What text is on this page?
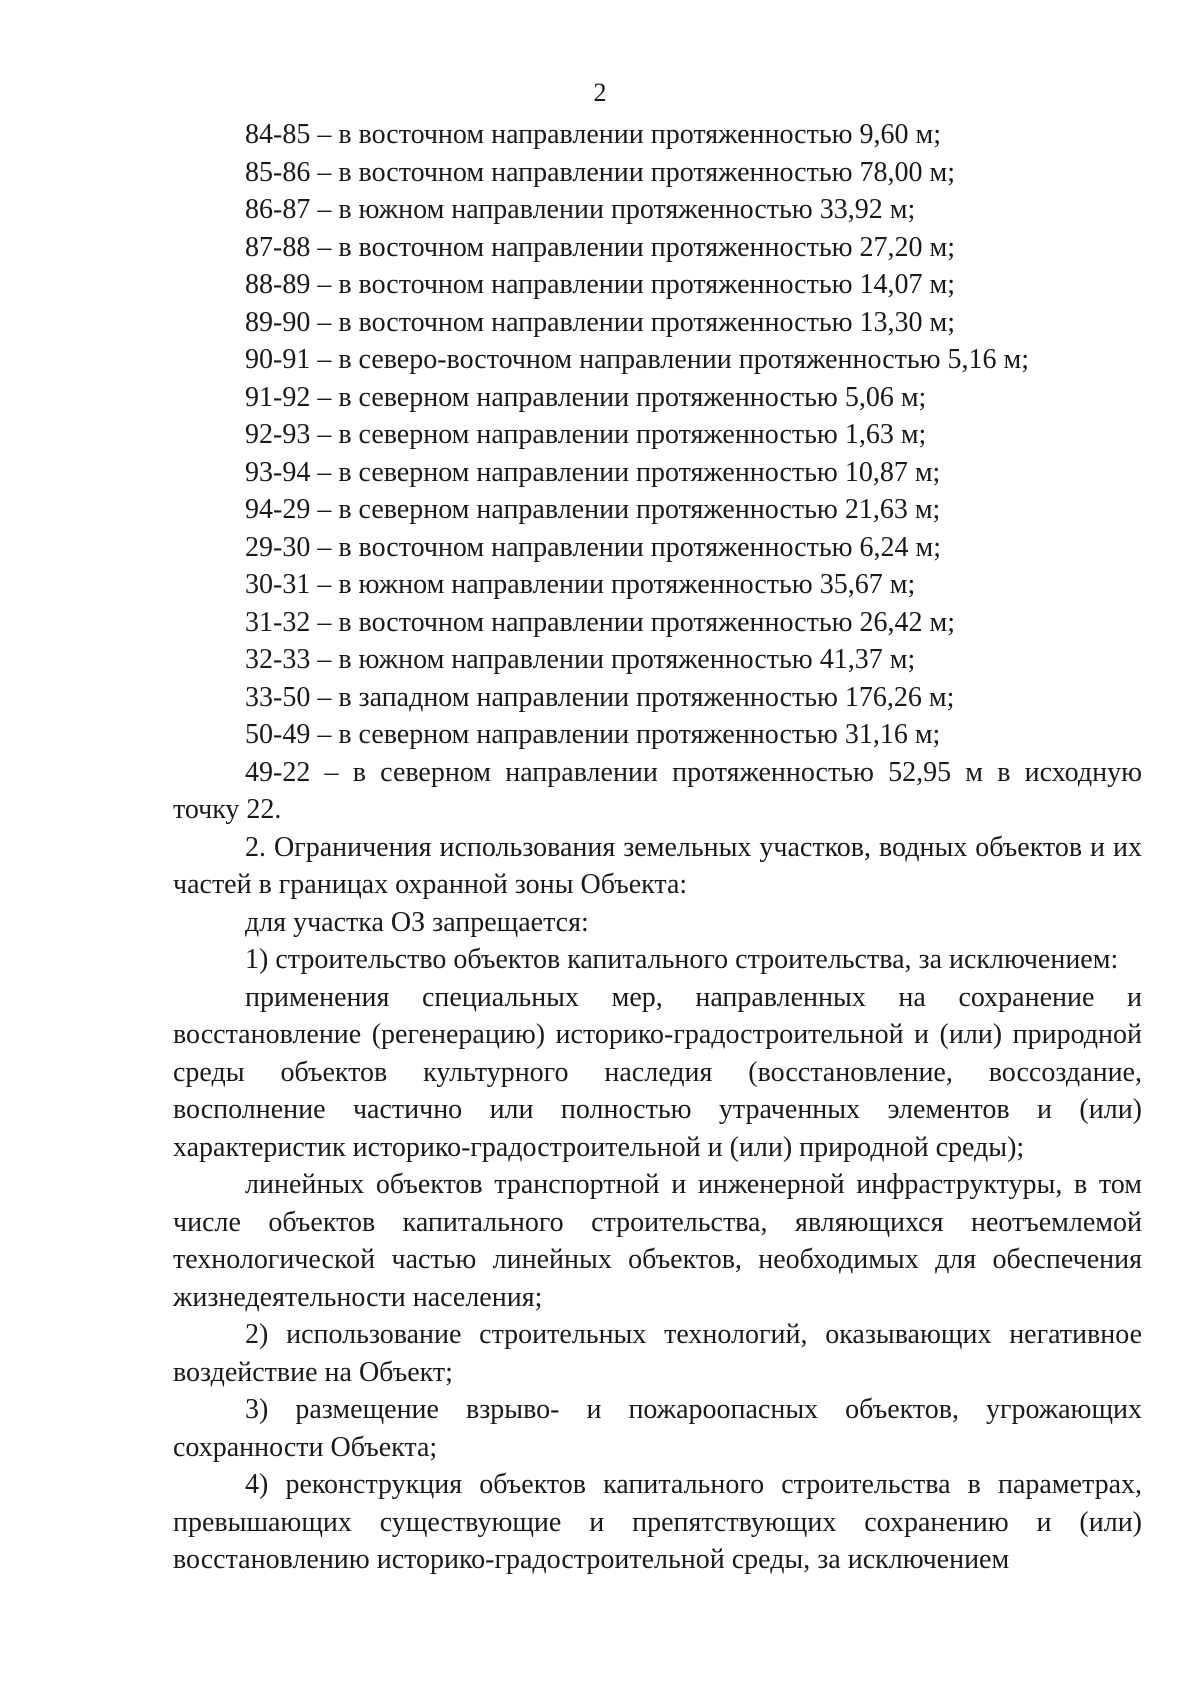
2
84-85 – в восточном направлении протяженностью 9,60 м;
85-86 – в восточном направлении протяженностью 78,00 м;
86-87 – в южном направлении протяженностью 33,92 м;
87-88 – в восточном направлении протяженностью 27,20 м;
88-89 – в восточном направлении протяженностью 14,07 м;
89-90 – в восточном направлении протяженностью 13,30 м;
90-91 – в северо-восточном направлении протяженностью 5,16 м;
91-92 – в северном направлении протяженностью 5,06 м;
92-93 – в северном направлении протяженностью 1,63 м;
93-94 – в северном направлении протяженностью 10,87 м;
94-29 – в северном направлении протяженностью 21,63 м;
29-30 – в восточном направлении протяженностью 6,24 м;
30-31 – в южном направлении протяженностью 35,67 м;
31-32 – в восточном направлении протяженностью 26,42 м;
32-33 – в южном направлении протяженностью 41,37 м;
33-50 – в западном направлении протяженностью 176,26 м;
50-49 – в северном направлении протяженностью 31,16 м;
49-22 – в северном направлении протяженностью 52,95 м в исходную точку 22.
2. Ограничения использования земельных участков, водных объектов и их частей в границах охранной зоны Объекта:
для участка ОЗ запрещается:
1) строительство объектов капитального строительства, за исключением:
применения специальных мер, направленных на сохранение и восстановление (регенерацию) историко-градостроительной и (или) природной среды объектов культурного наследия (восстановление, воссоздание, восполнение частично или полностью утраченных элементов и (или) характеристик историко-градостроительной и (или) природной среды);
линейных объектов транспортной и инженерной инфраструктуры, в том числе объектов капитального строительства, являющихся неотъемлемой технологической частью линейных объектов, необходимых для обеспечения жизнедеятельности населения;
2) использование строительных технологий, оказывающих негативное воздействие на Объект;
3) размещение взрыво- и пожароопасных объектов, угрожающих сохранности Объекта;
4) реконструкция объектов капитального строительства в параметрах, превышающих существующие и препятствующих сохранению и (или) восстановлению историко-градостроительной среды, за исключением
